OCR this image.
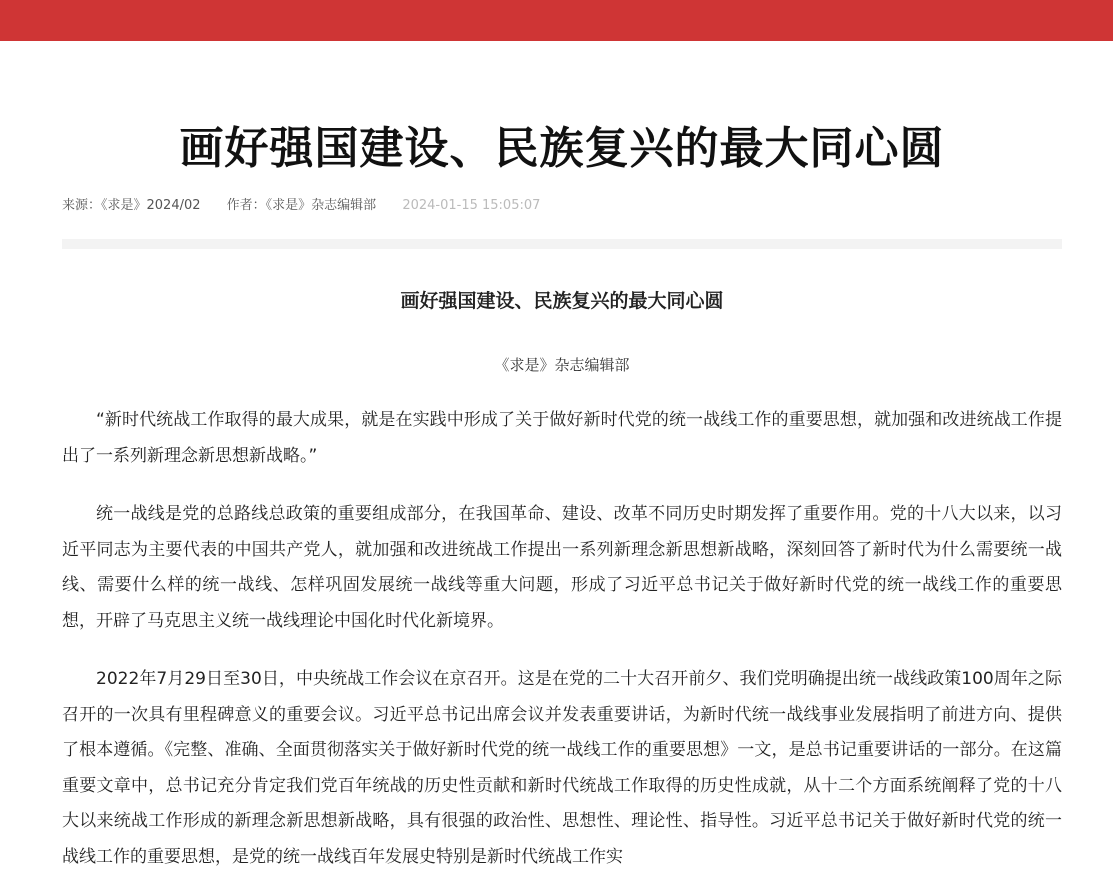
画好强国建设、民族复兴的最大同心圆
来源：《求是》2024/02 作者：《求是》杂志编辑部 2024-01-15 15:05:07
画好强国建设、民族复兴的最大同心圆
《求是》杂志编辑部

“新时代统战工作取得的最大成果，就是在实践中形成了关于做好新时代党的统一战线工作的重要思想，就加强和改进统战工作提出了一系列新理念新思想新战略。”

统一战线是党的总路线总政策的重要组成部分，在我国革命、建设、改革不同历史时期发挥了重要作用。党的十八大以来，以习近平同志为主要代表的中国共产党人，就加强和改进统战工作提出一系列新理念新思想新战略，深刻回答了新时代为什么需要统一战线、需要什么样的统一战线、怎样巩固发展统一战线等重大问题，形成了习近平总书记关于做好新时代党的统一战线工作的重要思想，开辟了马克思主义统一战线理论中国化时代化新境界。

2022年7月29日至30日，中央统战工作会议在京召开。这是在党的二十大召开前夕、我们党明确提出统一战线政策100周年之际召开的一次具有里程碑意义的重要会议。习近平总书记出席会议并发表重要讲话，为新时代统一战线事业发展指明了前进方向、提供了根本遵循。《完整、准确、全面贯彻落实关于做好新时代党的统一战线工作的重要思想》一文，是总书记重要讲话的一部分。在这篇重要文章中，总书记充分肯定我们党百年统战的历史性贡献和新时代统战工作取得的历史性成就，从十二个方面系统阐释了党的十八大以来统战工作形成的新理念新思想新战略，具有很强的政治性、思想性、理论性、指导性。习近平总书记关于做好新时代党的统一战线工作的重要思想，是党的统一战线百年发展史特别是新时代统战工作实
